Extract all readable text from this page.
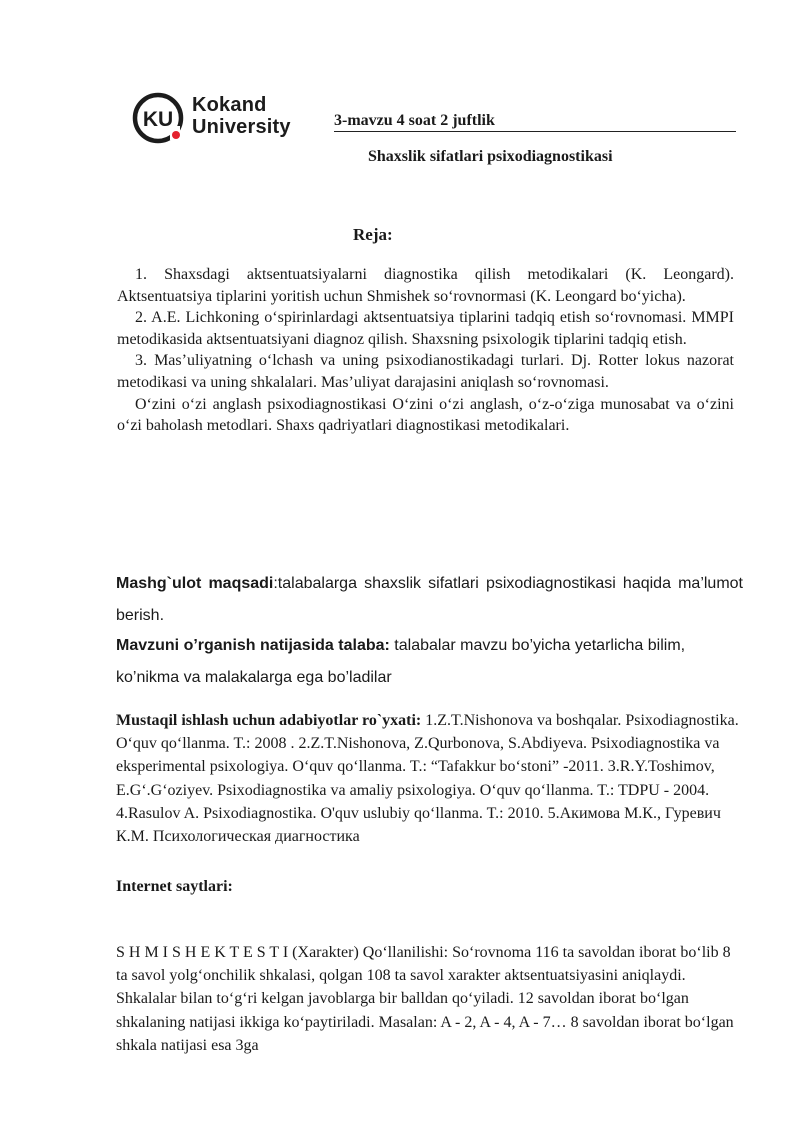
KU
Kokand
University	3-mavzu 4 soat 2 juftlik
Shaxslik sifatlari psixodiagnostikasi
Reja:

1. Shaxsdagi aktsentuatsiyalarni diagnostika qilish metodikalari (K. Leongard). Aktsentuatsiya tiplarini yoritish uchun Shmishek so‘rovnormasi (K. Leongard bo‘yicha).

2. A.E. Lichkoning o‘spirinlardagi aktsentuatsiya tiplarini tadqiq etish so‘rovnomasi. MMPI metodikasida aktsentuatsiyani diagnoz qilish. Shaxsning psixologik tiplarini tadqiq etish.

3. Mas’uliyatning o‘lchash va uning psixodianostikadagi turlari. Dj. Rotter lokus nazorat metodikasi va uning shkalalari. Mas’uliyat darajasini aniqlash so‘rovnomasi.

O‘zini o‘zi anglash psixodiagnostikasi O‘zini o‘zi anglash, o‘z-o‘ziga munosabat va o‘zini o‘zi baholash metodlari. Shaxs qadriyatlari diagnostikasi metodikalari.

Mashg`ulot maqsadi:talabalarga shaxslik sifatlari psixodiagnostikasi haqida ma’lumot berish.
Mavzuni o’rganish natijasida talaba: talabalar mavzu bo’yicha yetarlicha bilim, ko’nikma va malakalarga ega bo’ladilar
Mustaqil ishlash uchun adabiyotlar ro`yxati: 1.Z.T.Nishonova va boshqalar. Psixodiagnostika. O‘quv qo‘llanma. T.: 2008 . 2.Z.T.Nishonova, Z.Qurbonova, S.Abdiyeva. Psixodiagnostika va eksperimental psixologiya. O‘quv qo‘llanma. T.: “Tafakkur bo‘stoni” -2011. 3.R.Y.Toshimov, E.G‘.G‘oziyev. Psixodiagnostika va amaliy psixologiya. O‘quv qo‘llanma. T.: TDPU - 2004. 4.Rasulov A. Psixodiagnostika. O'quv uslubiy qo‘llanma. T.: 2010. 5.Акимова М.К., Гуревич К.М. Психологическая диагностика
Internet saytlari:
S H M I S H E K T E S T I (Xarakter) Qo‘llanilishi: So‘rovnoma 116 ta savoldan iborat bo‘lib 8 ta savol yolg‘onchilik shkalasi, qolgan 108 ta savol xarakter aktsentuatsiyasini aniqlaydi. Shkalalar bilan to‘g‘ri kelgan javoblarga bir balldan qo‘yiladi. 12 savoldan iborat bo‘lgan shkalaning natijasi ikkiga ko‘paytiriladi. Masalan: A - 2, A - 4, A - 7… 8 savoldan iborat bo‘lgan shkala natijasi esa 3ga
